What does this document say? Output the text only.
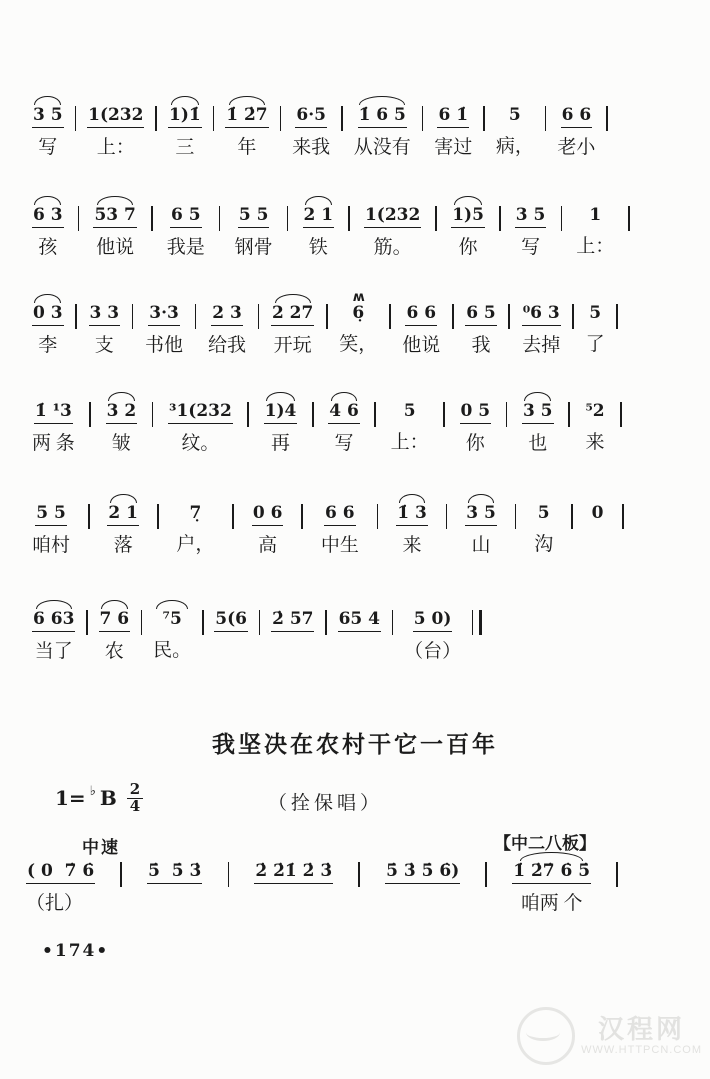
3 5
写
1(232
上：
1)1̇
三
1̇ 2̇7
年
6·5
来我
1̇ 6 5
从没有
6 1̇
害过
5
病，
6 6
老小
6 3
孩
53 7
他说
6 5
我是
5 5
钢骨
2 1
铁
1(232
筋。
1)5
你
3 5
写
1
上：
0 3
李
3 3
支
3·3
书他
2 3
给我
2 27
开玩
ʍ
6̣
笑，
6 6
他说
6 5
我
⁰6 3
去掉
5
了
1̇ ¹3
两 条
3 2
皱
³1(232
纹。
1)4
再
4 6
写
5
上：
0 5
你
3 5
也
⁵2
来
5 5
咱村
2 1
落
7̣
户，
0 6
高
6 6
中生
1̇ 3
来
3 5
山
5
沟
0
6 63
当了
7 6
农
⁷5
民。
5(6 2̇ 57 65 4 5 0)
（台）
我坚决在农村干它一百年
1= ♭ B $\frac{2}{4}$	（拴保唱）
中速	【中二八板】
( 0  7̇ 6̇
（扎）
5̇  5̇ 3̇	2̇ 2̇1̇ 2̇ 3̇	5̇ 3̇ 5̇ 6̇)	1̇ 2̇7̇ 6̇ 5̇
咱两 个
•174•
汉程网
WWW.HTTPCN.COM
